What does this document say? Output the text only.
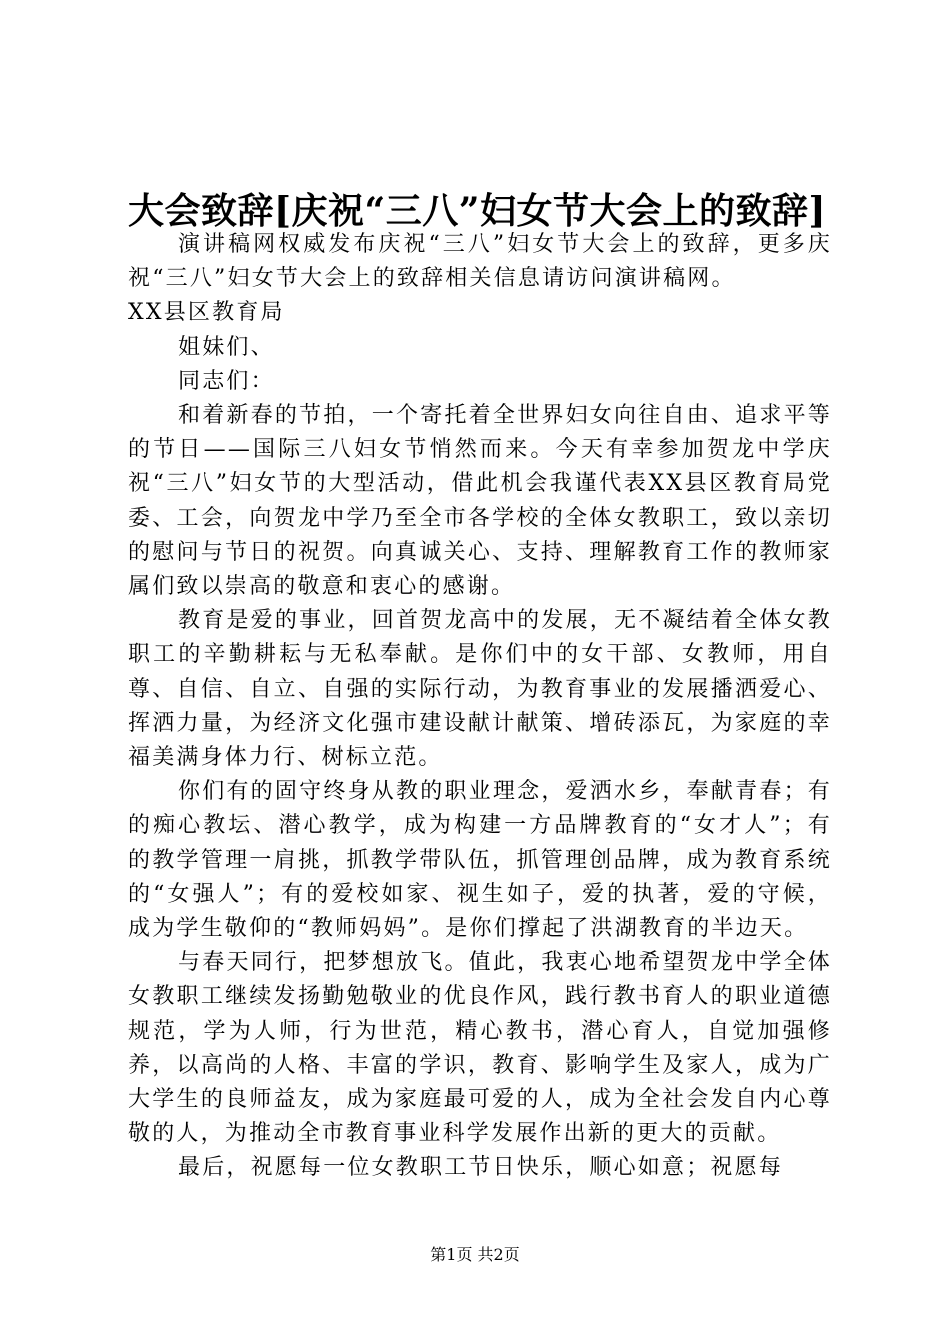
大会致辞[庆祝“三八”妇女节大会上的致辞]

演讲稿网权威发布庆祝“三八”妇女节大会上的致辞，更多庆祝“三八”妇女节大会上的致辞相关信息请访问演讲稿网。

XX县区教育局

姐妹们、

同志们：

和着新春的节拍，一个寄托着全世界妇女向往自由、追求平等的节日——国际三八妇女节悄然而来。今天有幸参加贺龙中学庆祝“三八”妇女节的大型活动，借此机会我谨代表XX县区教育局党委、工会，向贺龙中学乃至全市各学校的全体女教职工，致以亲切的慰问与节日的祝贺。向真诚关心、支持、理解教育工作的教师家属们致以崇高的敬意和衷心的感谢。

教育是爱的事业，回首贺龙高中的发展，无不凝结着全体女教职工的辛勤耕耘与无私奉献。是你们中的女干部、女教师，用自尊、自信、自立、自强的实际行动，为教育事业的发展播洒爱心、挥洒力量，为经济文化强市建设献计献策、增砖添瓦，为家庭的幸福美满身体力行、树标立范。

你们有的固守终身从教的职业理念，爱洒水乡，奉献青春；有的痴心教坛、潜心教学，成为构建一方品牌教育的“女才人”；有的教学管理一肩挑，抓教学带队伍，抓管理创品牌，成为教育系统的“女强人”；有的爱校如家、视生如子，爱的执著，爱的守候，成为学生敬仰的“教师妈妈”。是你们撑起了洪湖教育的半边天。

与春天同行，把梦想放飞。值此，我衷心地希望贺龙中学全体女教职工继续发扬勤勉敬业的优良作风，践行教书育人的职业道德规范，学为人师，行为世范，精心教书，潜心育人，自觉加强修养，以高尚的人格、丰富的学识，教育、影响学生及家人，成为广大学生的良师益友，成为家庭最可爱的人，成为全社会发自内心尊敬的人，为推动全市教育事业科学发展作出新的更大的贡献。

最后，祝愿每一位女教职工节日快乐，顺心如意；祝愿每

第1页 共2页
